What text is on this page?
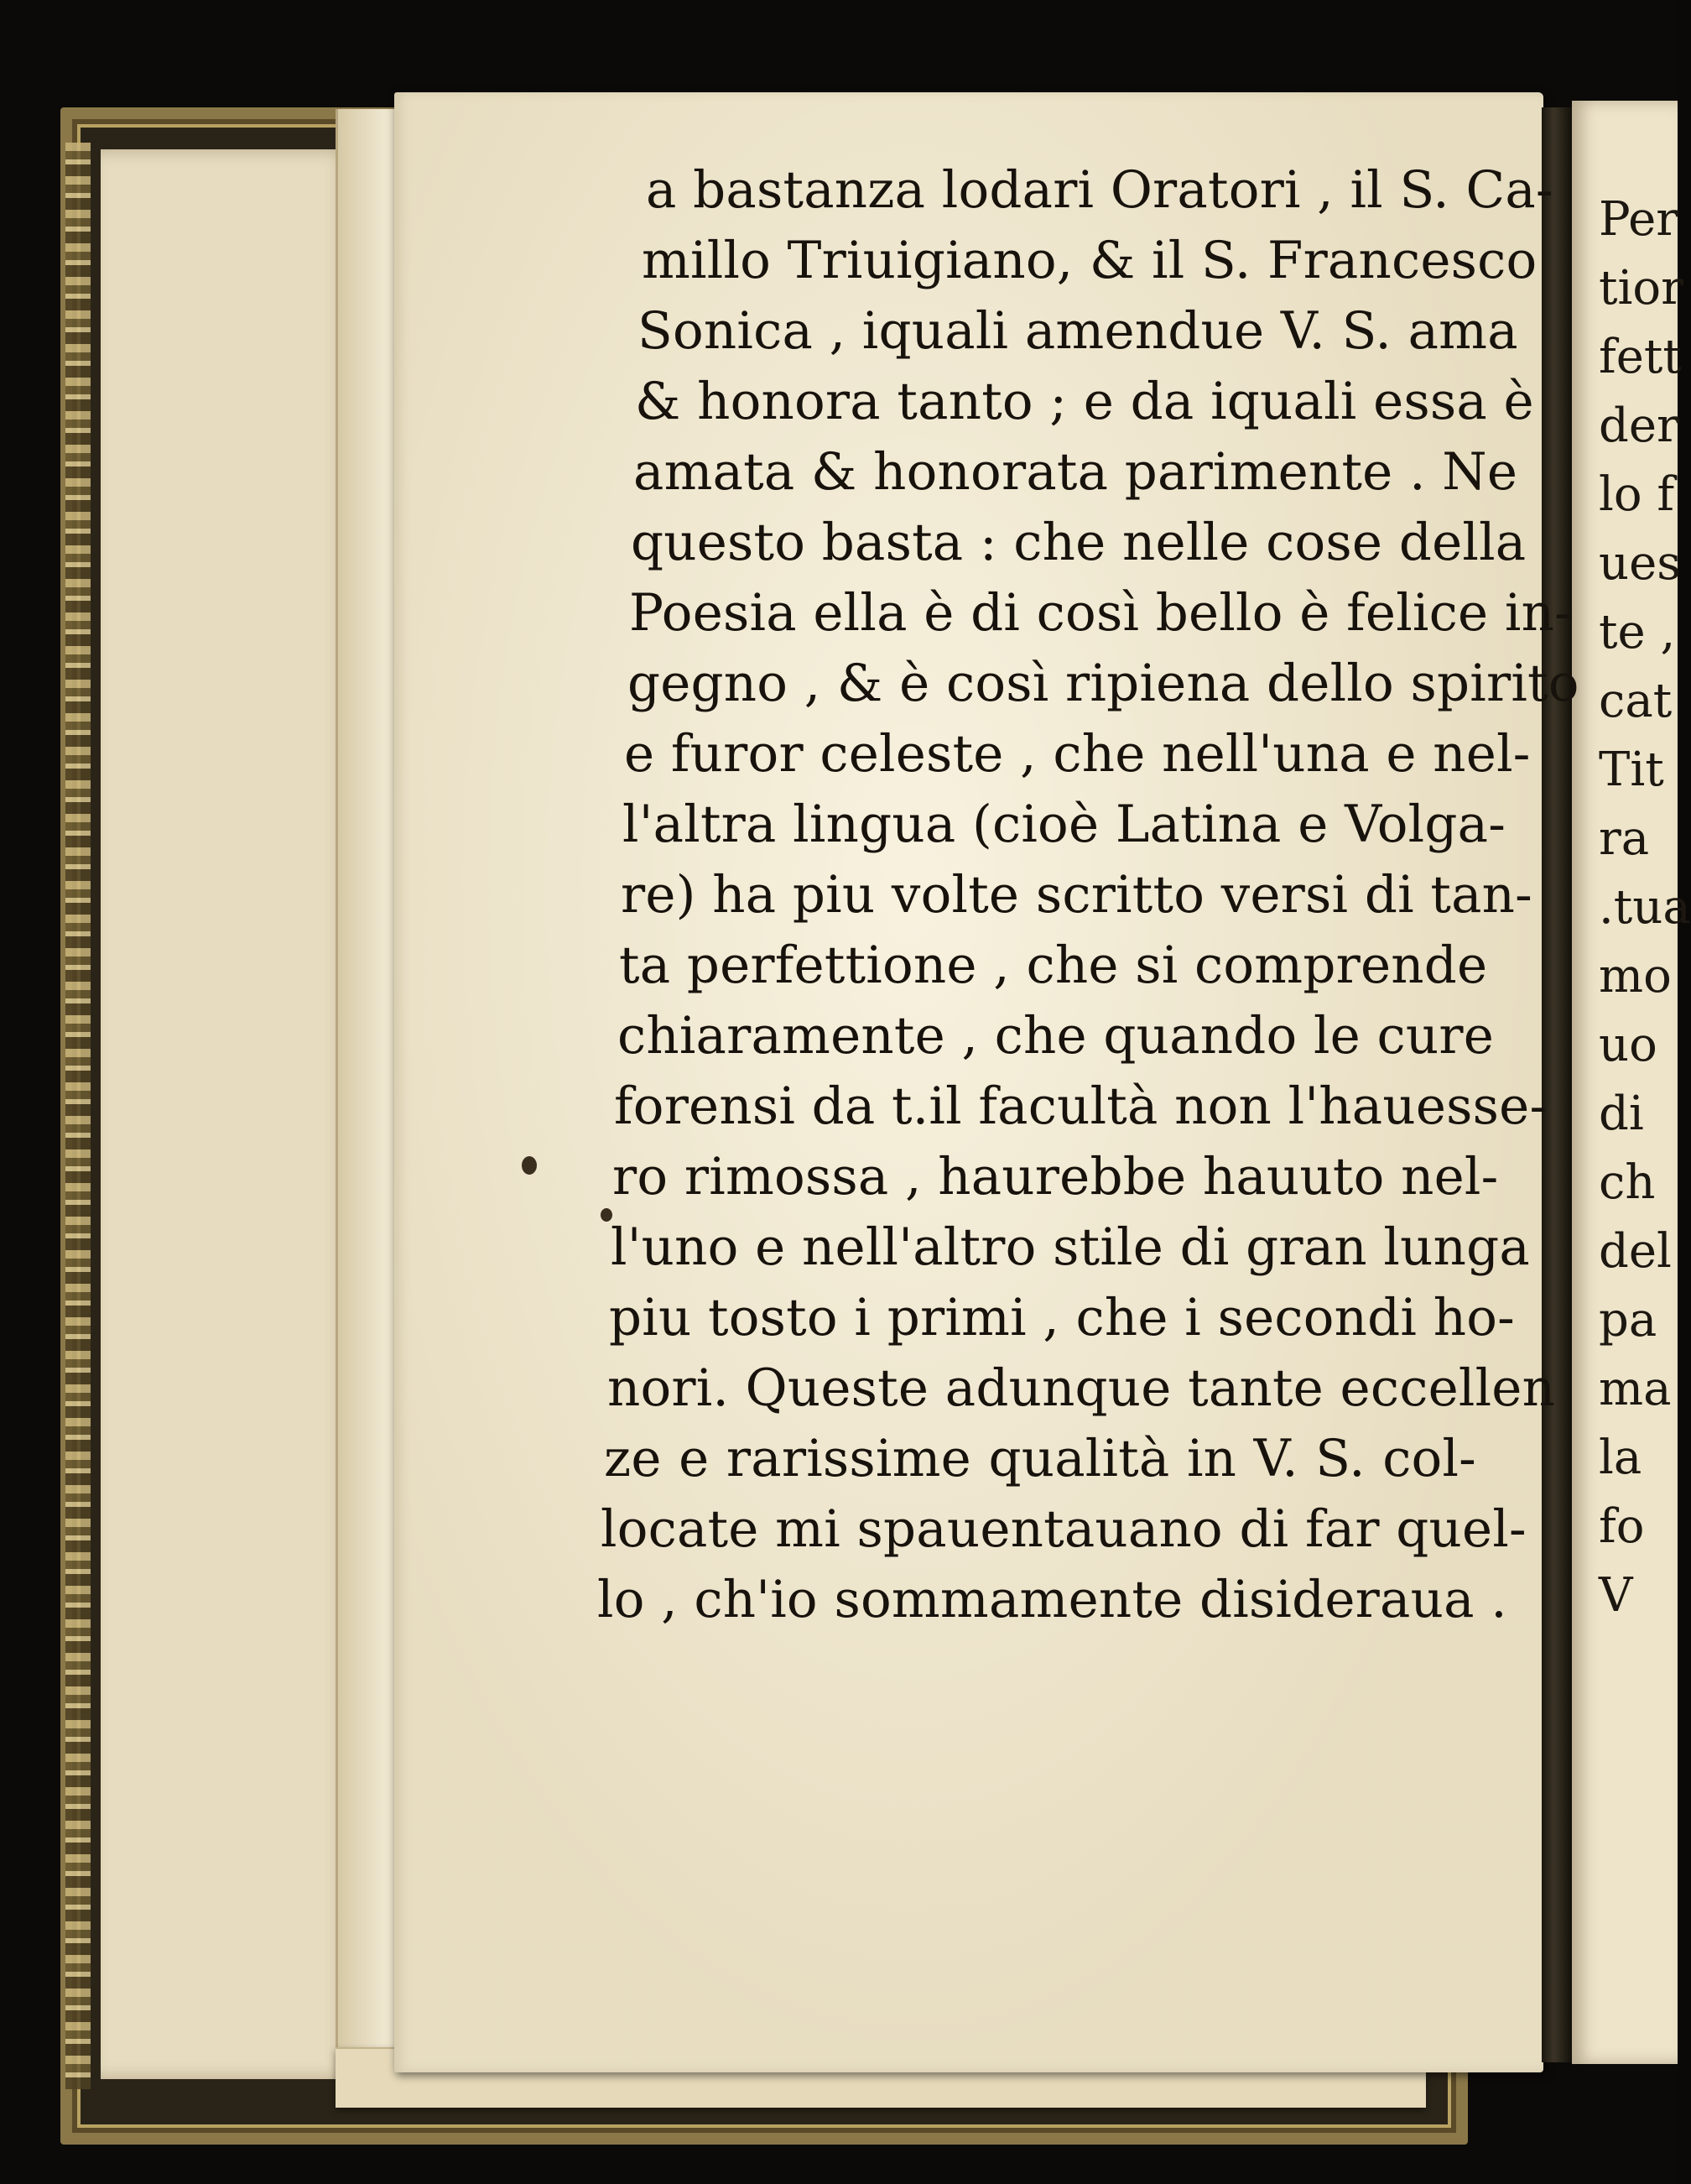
Per
tior
fett
der
lo f
ues
te ,
cat
Tit
ra
.tua
mo
uo
di
ch
del
pa
ma
la
fo
V
a bastanza lodari Oratori , il S. Ca-
millo Triuigiano, & il S. Francesco
Sonica , iquali amendue V. S. ama
& honora tanto ; e da iquali essa è
amata & honorata parimente . Ne
questo basta : che nelle cose della
Poesia ella è di così bello è felice in-
gegno , & è così ripiena dello spirito
e furor celeste , che nell'una e nel-
l'altra lingua (cioè Latina e Volga-
re) ha piu volte scritto versi di tan-
ta perfettione , che si comprende
chiaramente , che quando le cure
forensi da t.il facultà non l'hauesse-
ro rimossa , haurebbe hauuto nel-
l'uno e nell'altro stile di gran lunga
piu tosto i primi , che i secondi ho-
nori. Queste adunque tante eccellen
ze e rarissime qualità in V. S. col-
locate mi spauentauano di far quel-
lo , ch'io sommamente disideraua .
